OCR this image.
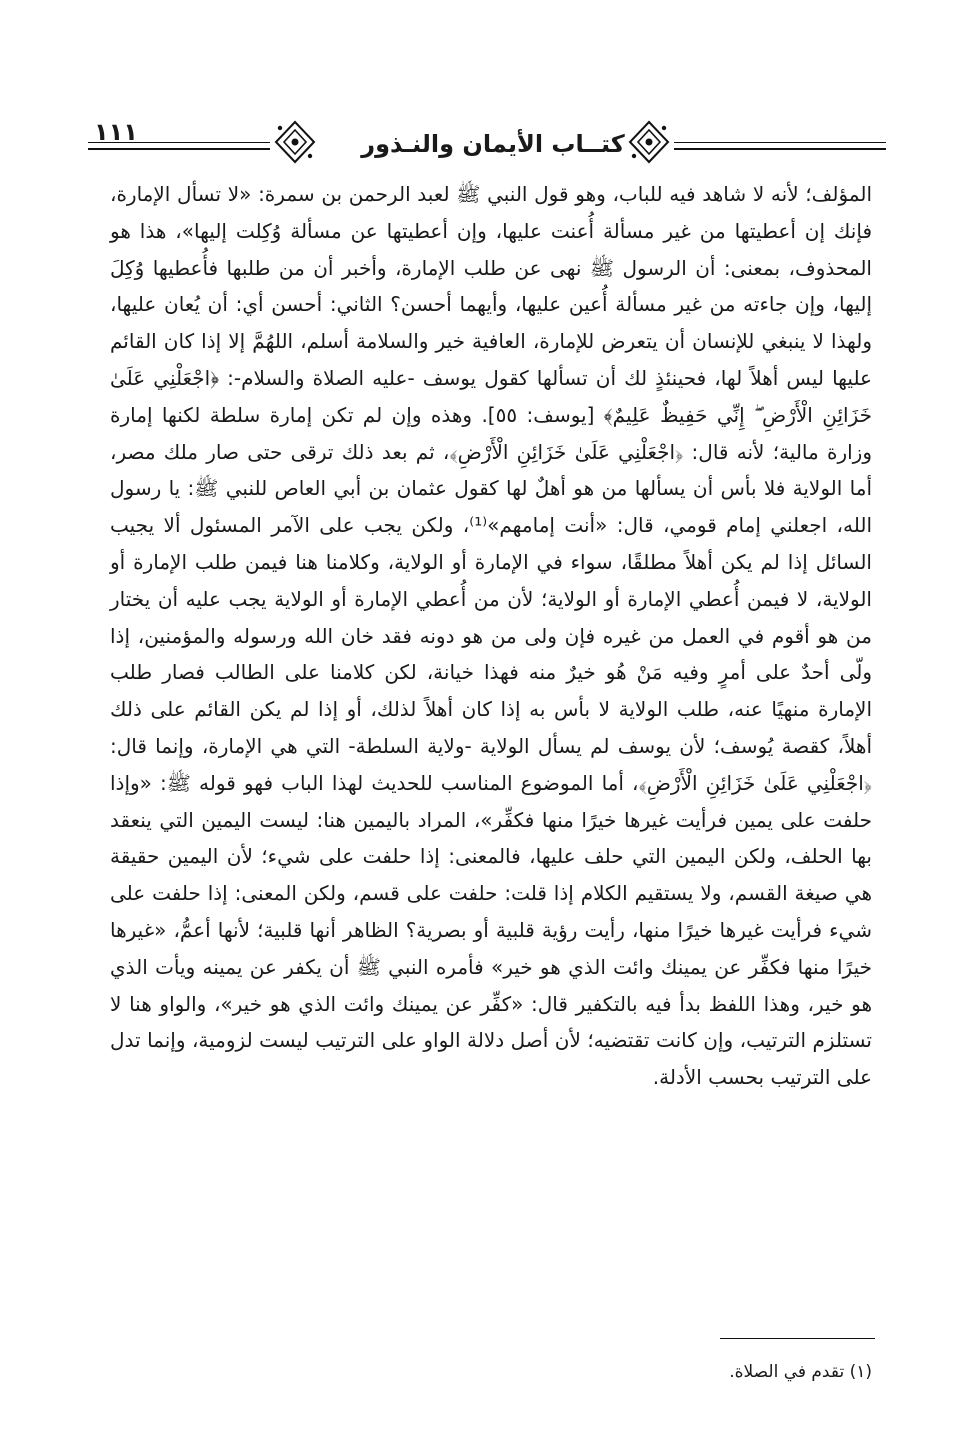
١١١	كتــاب الأيمان والنـذور

المؤلف؛ لأنه لا شاهد فيه للباب، وهو قول النبي ﷺ لعبد الرحمن بن سمرة: «لا تسأل الإمارة، فإنك إن أعطيتها من غير مسألة أُعنت عليها، وإن أعطيتها عن مسألة وُكِلت إليها»، هذا هو المحذوف، بمعنى: أن الرسول ﷺ نهى عن طلب الإمارة، وأخبر أن من طلبها فأُعطيها وُكِلَ إليها، وإن جاءته من غير مسألة أُعين عليها، وأيهما أحسن؟ الثاني: أحسن أي: أن يُعان عليها، ولهذا لا ينبغي للإنسان أن يتعرض للإمارة، العافية خير والسلامة أسلم، اللهُمَّ إلا إذا كان القائم عليها ليس أهلاً لها، فحينئذٍ لك أن تسألها كقول يوسف -عليه الصلاة والسلام-: ﴿اجْعَلْنِي عَلَىٰ خَزَائِنِ الْأَرْضِ ۖ إِنِّي حَفِيظٌ عَلِيمٌ﴾ [يوسف: ٥٥]. وهذه وإن لم تكن إمارة سلطة لكنها إمارة وزارة مالية؛ لأنه قال: ﴿اجْعَلْنِي عَلَىٰ خَزَائِنِ الْأَرْضِ﴾، ثم بعد ذلك ترقى حتى صار ملك مصر، أما الولاية فلا بأس أن يسألها من هو أهلٌ لها كقول عثمان بن أبي العاص للنبي ﷺ: يا رسول الله، اجعلني إمام قومي، قال: «أنت إمامهم»⁽¹⁾، ولكن يجب على الآمر المسئول ألا يجيب السائل إذا لم يكن أهلاً مطلقًا، سواء في الإمارة أو الولاية، وكلامنا هنا فيمن طلب الإمارة أو الولاية، لا فيمن أُعطي الإمارة أو الولاية؛ لأن من أُعطي الإمارة أو الولاية يجب عليه أن يختار من هو أقوم في العمل من غيره فإن ولى من هو دونه فقد خان الله ورسوله والمؤمنين، إذا ولّى أحدٌ على أمرٍ وفيه مَنْ هُو خيرٌ منه فهذا خيانة، لكن كلامنا على الطالب فصار طلب الإمارة منهيًا عنه، طلب الولاية لا بأس به إذا كان أهلاً لذلك، أو إذا لم يكن القائم على ذلك أهلاً، كقصة يُوسف؛ لأن يوسف لم يسأل الولاية -ولاية السلطة- التي هي الإمارة، وإنما قال: ﴿اجْعَلْنِي عَلَىٰ خَزَائِنِ الْأَرْضِ﴾، أما الموضوع المناسب للحديث لهذا الباب فهو قوله ﷺ: «وإذا حلفت على يمين فرأيت غيرها خيرًا منها فكفِّر»، المراد باليمين هنا: ليست اليمين التي ينعقد بها الحلف، ولكن اليمين التي حلف عليها، فالمعنى: إذا حلفت على شيء؛ لأن اليمين حقيقة هي صيغة القسم، ولا يستقيم الكلام إذا قلت: حلفت على قسم، ولكن المعنى: إذا حلفت على شيء فرأيت غيرها خيرًا منها، رأيت رؤية قلبية أو بصرية؟ الظاهر أنها قلبية؛ لأنها أعمُّ، «غيرها خيرًا منها فكفِّر عن يمينك وائت الذي هو خير» فأمره النبي ﷺ أن يكفر عن يمينه ويأت الذي هو خير، وهذا اللفظ بدأ فيه بالتكفير قال: «كفِّر عن يمينك وائت الذي هو خير»، والواو هنا لا تستلزم الترتيب، وإن كانت تقتضيه؛ لأن أصل دلالة الواو على الترتيب ليست لزومية، وإنما تدل على الترتيب بحسب الأدلة.

(١) تقدم في الصلاة.
